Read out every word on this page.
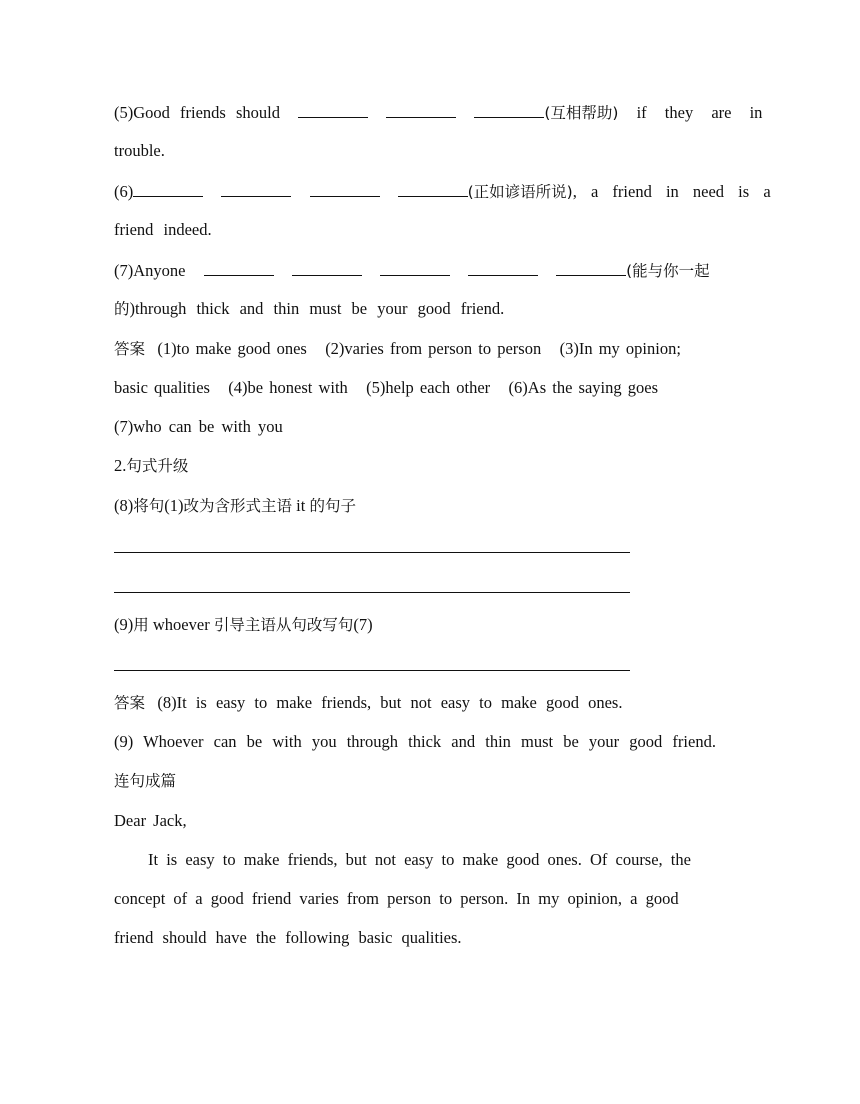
(5)Good friends should	(互相帮助) if they are in
trouble.
(6)	(正如谚语所说), a friend in need is a
friend indeed.
(7)Anyone	(能与你一起
的)through thick and thin must be your good friend.
答案 (1)to make good ones   (2)varies from person to person   (3)In my opinion;
basic qualities   (4)be honest with   (5)help each other   (6)As the saying goes
(7)who can be with you
2.句式升级
(8)将句(1)改为含形式主语 it 的句子
(9)用 whoever 引导主语从句改写句(7)
答案 (8)It is easy to make friends, but not easy to make good ones.
(9) Whoever can be with you through thick and thin must be your good friend.
连句成篇
Dear Jack,
It is easy to make friends, but not easy to make good ones. Of course, the
concept of a good friend varies from person to person. In my opinion, a good
friend should have the following basic qualities.
